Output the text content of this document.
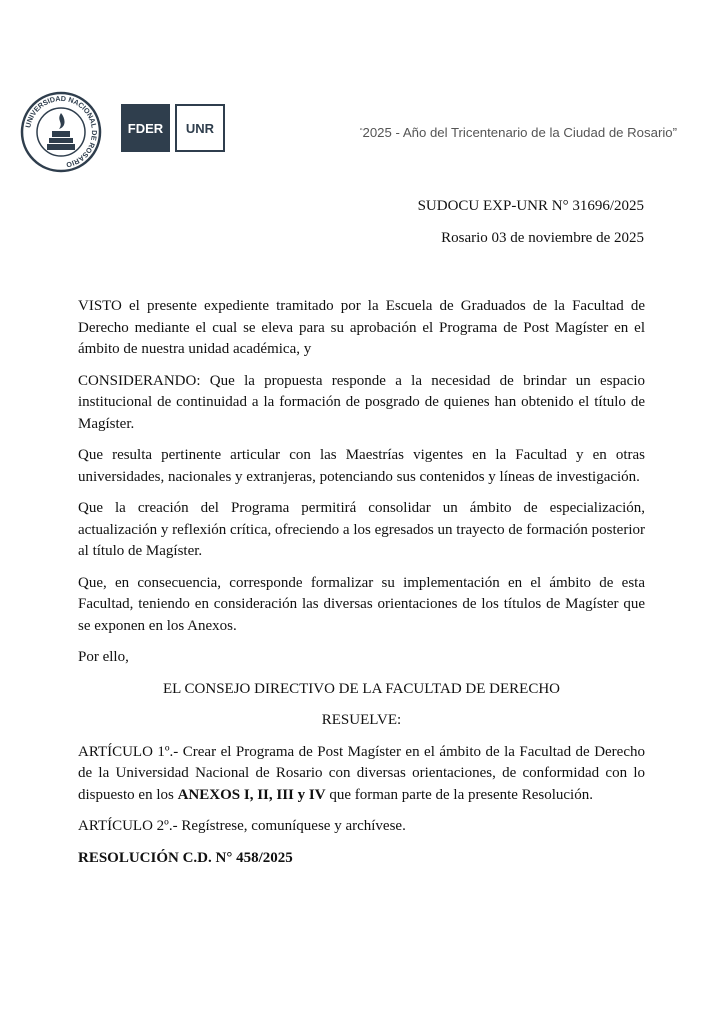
UNIVERSIDAD NACIONAL DE ROSARIO
FDER UNR	“2025 - Año del Tricentenario de la Ciudad de Rosario”
SUDOCU EXP-UNR N° 31696/2025
Rosario 03 de noviembre de 2025

VISTO el presente expediente tramitado por la Escuela de Graduados de la Facultad de Derecho mediante el cual se eleva para su aprobación el Programa de Post Magíster en el ámbito de nuestra unidad académica, y

CONSIDERANDO: Que la propuesta responde a la necesidad de brindar un espacio institucional de continuidad a la formación de posgrado de quienes han obtenido el título de Magíster.

Que resulta pertinente articular con las Maestrías vigentes en la Facultad y en otras universidades, nacionales y extranjeras, potenciando sus contenidos y líneas de investigación.

Que la creación del Programa permitirá consolidar un ámbito de especialización, actualización y reflexión crítica, ofreciendo a los egresados un trayecto de formación posterior al título de Magíster.

Que, en consecuencia, corresponde formalizar su implementación en el ámbito de esta Facultad, teniendo en consideración las diversas orientaciones de los títulos de Magíster que se exponen en los Anexos.

Por ello,

EL CONSEJO DIRECTIVO DE LA FACULTAD DE DERECHO

RESUELVE:

ARTÍCULO 1º.- Crear el Programa de Post Magíster en el ámbito de la Facultad de Derecho de la Universidad Nacional de Rosario con diversas orientaciones, de conformidad con lo dispuesto en los ANEXOS I, II, III y IV que forman parte de la presente Resolución.

ARTÍCULO 2º.- Regístrese, comuníquese y archívese.

RESOLUCIÓN C.D. N° 458/2025
